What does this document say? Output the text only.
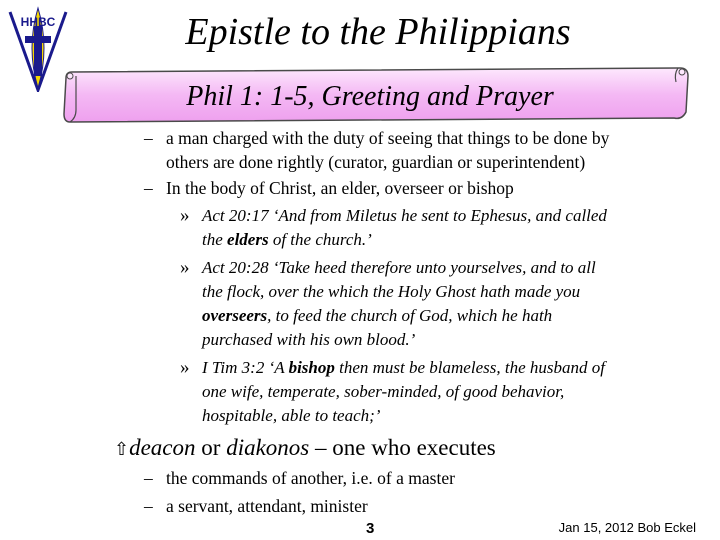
HHBC	Epistle to the Philippians
Phil 1: 1-5, Greeting and Prayer
– a man charged with the duty of seeing that things to be done by
others are done rightly (curator, guardian or superintendent)
– In the body of Christ, an elder, overseer or bishop
» Act 20:17 ‘And from Miletus he sent to Ephesus, and called
the elders of the church.’
» Act 20:28 ‘Take heed therefore unto yourselves, and to all
the flock, over the which the Holy Ghost hath made you
overseers, to feed the church of God, which he hath
purchased with his own blood.’
» I Tim 3:2 ‘A bishop then must be blameless, the husband of
one wife, temperate, sober-minded, of good behavior,
hospitable, able to teach;’
⇧deacon or diakonos – one who executes
– the commands of another, i.e. of a master
– a servant, attendant, minister
3	Jan 15, 2012 Bob Eckel
